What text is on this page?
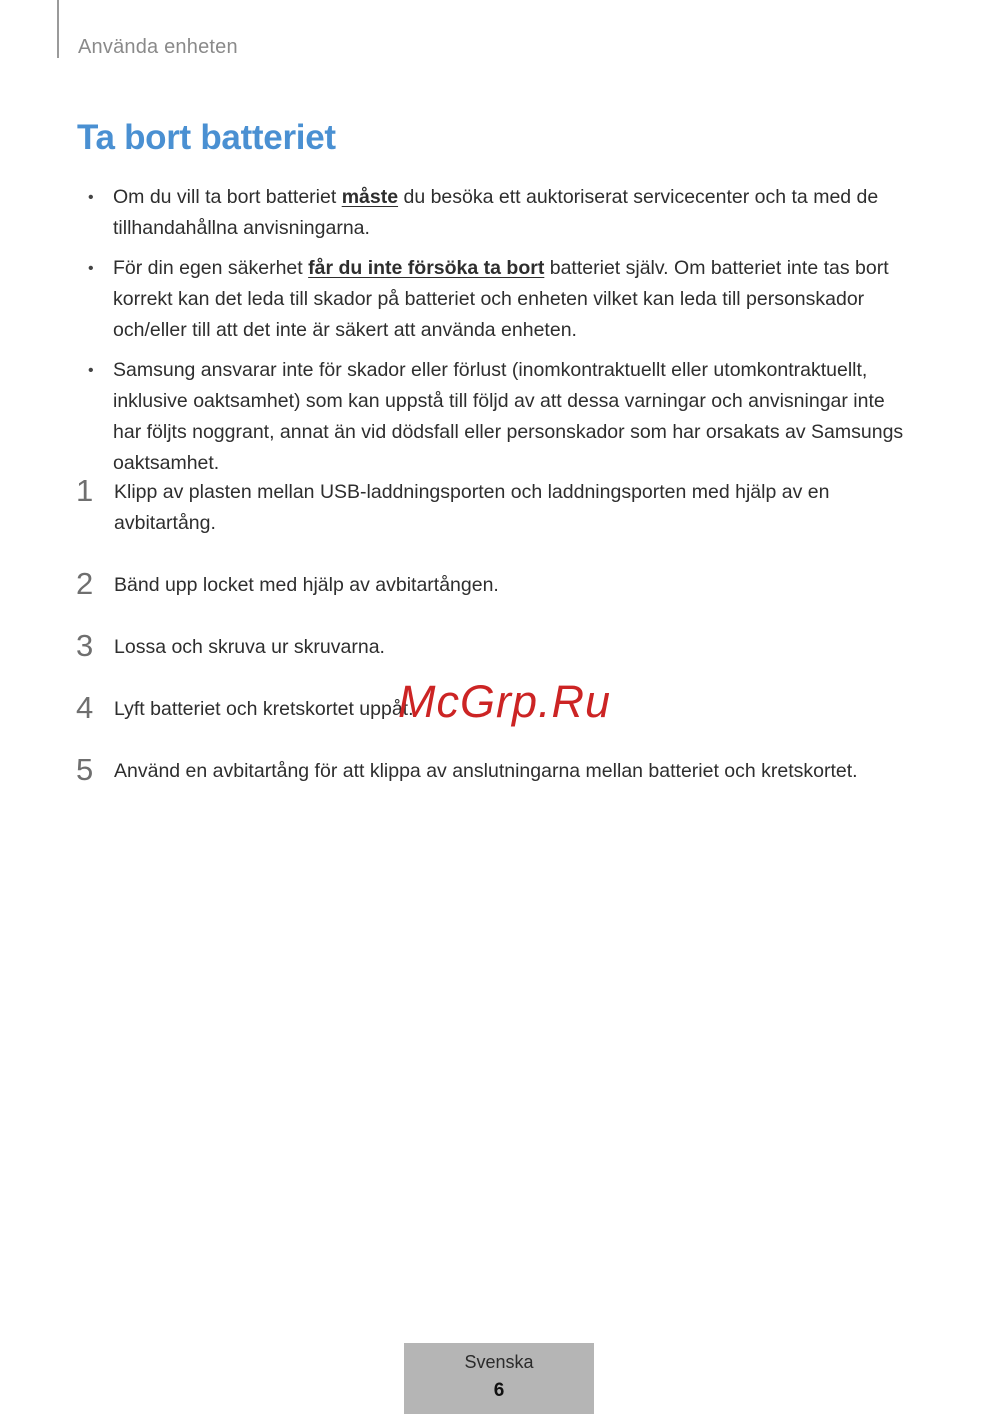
Använda enheten
Ta bort batteriet
• Om du vill ta bort batteriet måste du besöka ett auktoriserat servicecenter och ta med de tillhandahållna anvisningarna.
• För din egen säkerhet får du inte försöka ta bort batteriet själv. Om batteriet inte tas bort korrekt kan det leda till skador på batteriet och enheten vilket kan leda till personskador och/eller till att det inte är säkert att använda enheten.
• Samsung ansvarar inte för skador eller förlust (inomkontraktuellt eller utomkontraktuellt, inklusive oaktsamhet) som kan uppstå till följd av att dessa varningar och anvisningar inte har följts noggrant, annat än vid dödsfall eller personskador som har orsakats av Samsungs oaktsamhet.
1	Klipp av plasten mellan USB-laddningsporten och laddningsporten med hjälp av en avbitartång.
2	Bänd upp locket med hjälp av avbitartången.
3	Lossa och skruva ur skruvarna.
4	Lyft batteriet och kretskortet uppåt.
5	Använd en avbitartång för att klippa av anslutningarna mellan batteriet och kretskortet.
McGrp.Ru
Svenska
6
